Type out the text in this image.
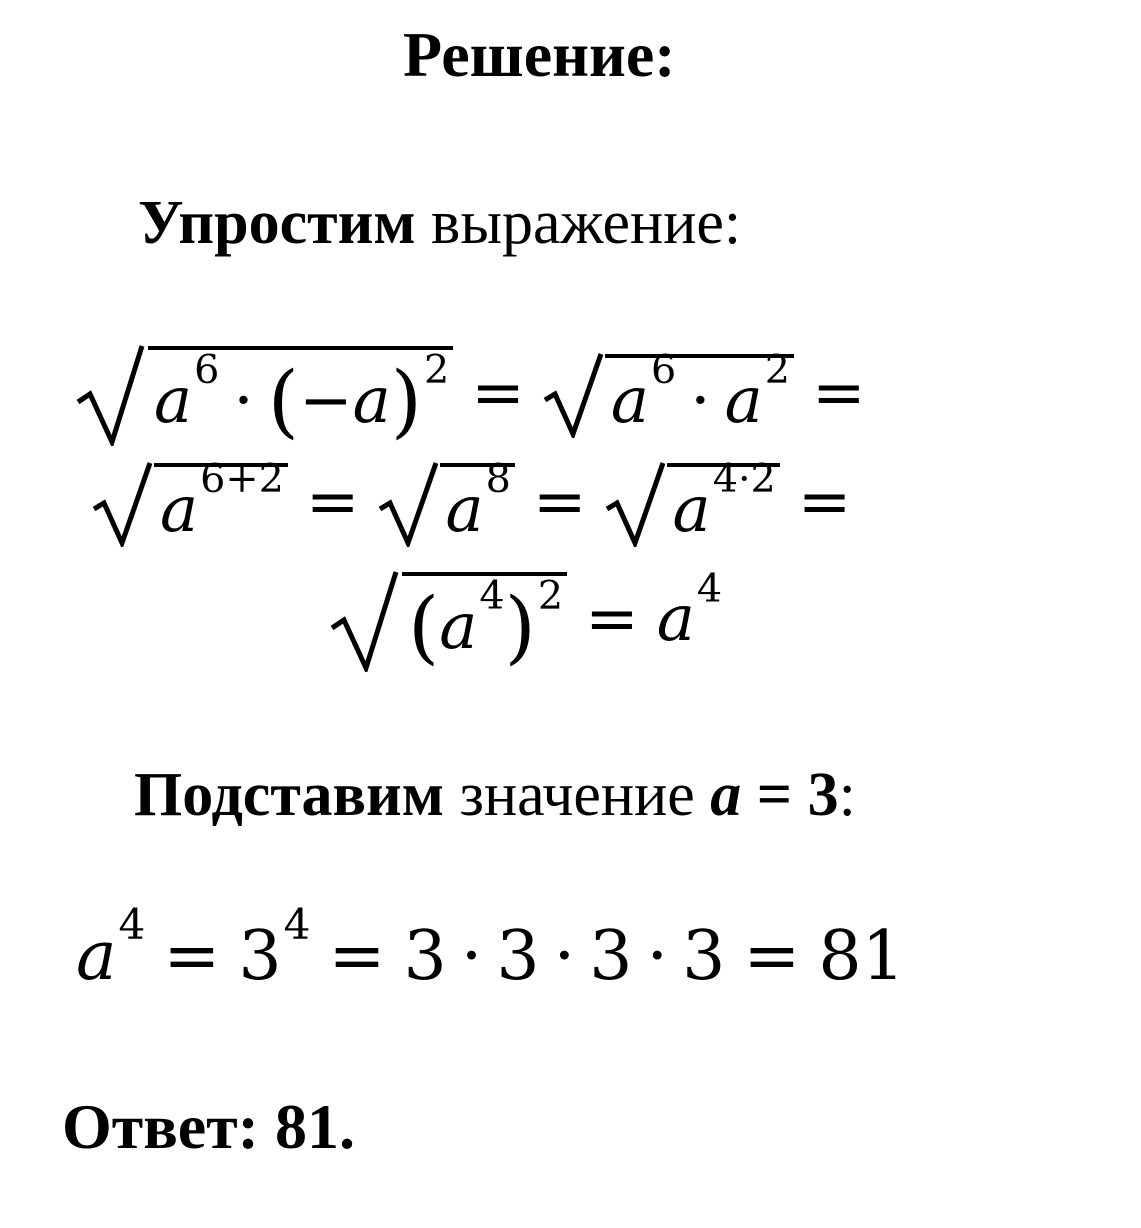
Решение:
Упростим выражение:
$a^6$ · ( −a )$^2 = a^6 \cdot a^2$ =
$a^{6+2} = a^8 = a^{4\cdot 2}$ =
( $a^4$ )$^2 = a^4$
Подставим значение a = 3:
$a^4 = 3^4 = 3 \cdot 3 \cdot 3 \cdot 3 = 81$
Ответ: 81.
